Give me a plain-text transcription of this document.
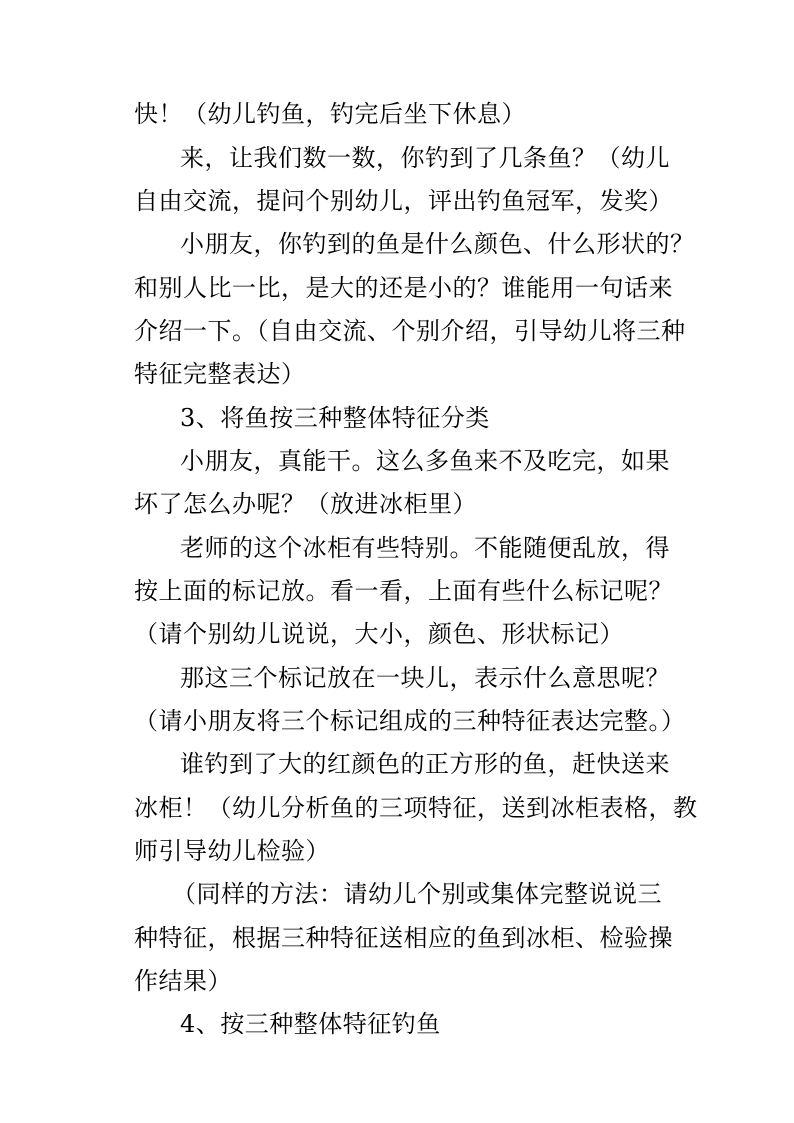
快！（幼儿钓鱼，钓完后坐下休息）
来，让我们数一数，你钓到了几条鱼？（幼儿
自由交流，提问个别幼儿，评出钓鱼冠军，发奖）
小朋友，你钓到的鱼是什么颜色、什么形状的？
和别人比一比，是大的还是小的？谁能用一句话来
介绍一下。（自由交流、个别介绍，引导幼儿将三种
特征完整表达）
3、将鱼按三种整体特征分类
小朋友，真能干。这么多鱼来不及吃完，如果
坏了怎么办呢？（放进冰柜里）
老师的这个冰柜有些特别。不能随便乱放，得
按上面的标记放。看一看，上面有些什么标记呢？
（请个别幼儿说说，大小，颜色、形状标记）
那这三个标记放在一块儿，表示什么意思呢？
（请小朋友将三个标记组成的三种特征表达完整。）
谁钓到了大的红颜色的正方形的鱼，赶快送来
冰柜！（幼儿分析鱼的三项特征，送到冰柜表格，教
师引导幼儿检验）
（同样的方法：请幼儿个别或集体完整说说三
种特征，根据三种特征送相应的鱼到冰柜、检验操
作结果）
4、按三种整体特征钓鱼
